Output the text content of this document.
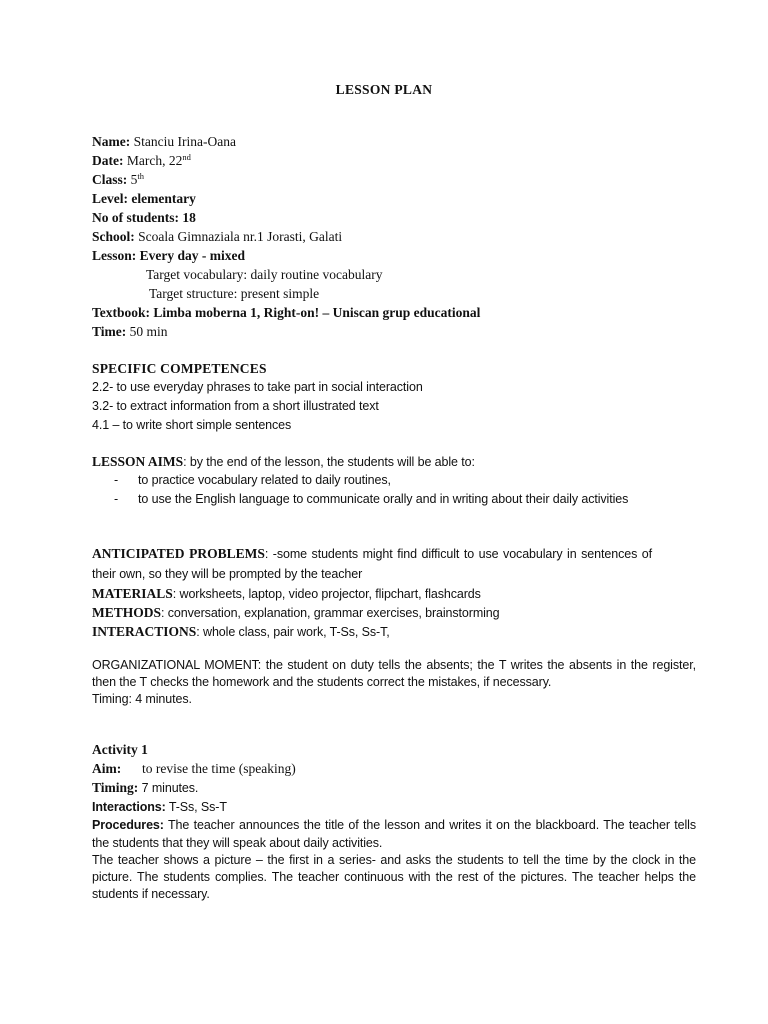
LESSON PLAN
Name: Stanciu Irina-Oana
Date: March, 22nd
Class: 5th
Level: elementary
No of students: 18
School: Scoala Gimnaziala nr.1 Jorasti, Galati
Lesson: Every day - mixed
Target vocabulary: daily routine vocabulary
Target structure: present simple
Textbook: Limba moberna 1, Right-on! – Uniscan grup educational
Time: 50 min
SPECIFIC COMPETENCES
2.2- to use everyday phrases to take part in social interaction
3.2- to extract information from a short illustrated text
4.1 – to write short simple sentences
LESSON AIMS: by the end of the lesson, the students will be able to:
- to practice vocabulary related to daily routines,
- to use the English language to communicate orally and in writing about their daily activities
ANTICIPATED PROBLEMS: -some students might find difficult to use vocabulary in sentences of their own, so they will be prompted by the teacher
MATERIALS: worksheets, laptop, video projector, flipchart, flashcards
METHODS: conversation, explanation, grammar exercises, brainstorming
INTERACTIONS: whole class, pair work, T-Ss, Ss-T,
ORGANIZATIONAL MOMENT: the student on duty tells the absents; the T writes the absents in the register, then the T checks the homework and the students correct the mistakes, if necessary.
Timing: 4 minutes.
Activity 1
Aim: to revise the time (speaking)
Timing: 7 minutes.
Interactions: T-Ss, Ss-T
Procedures: The teacher announces the title of the lesson and writes it on the blackboard. The teacher tells the students that they will speak about daily activities.
The teacher shows a picture – the first in a series- and asks the students to tell the time by the clock in the picture. The students complies. The teacher continuous with the rest of the pictures. The teacher helps the students if necessary.
